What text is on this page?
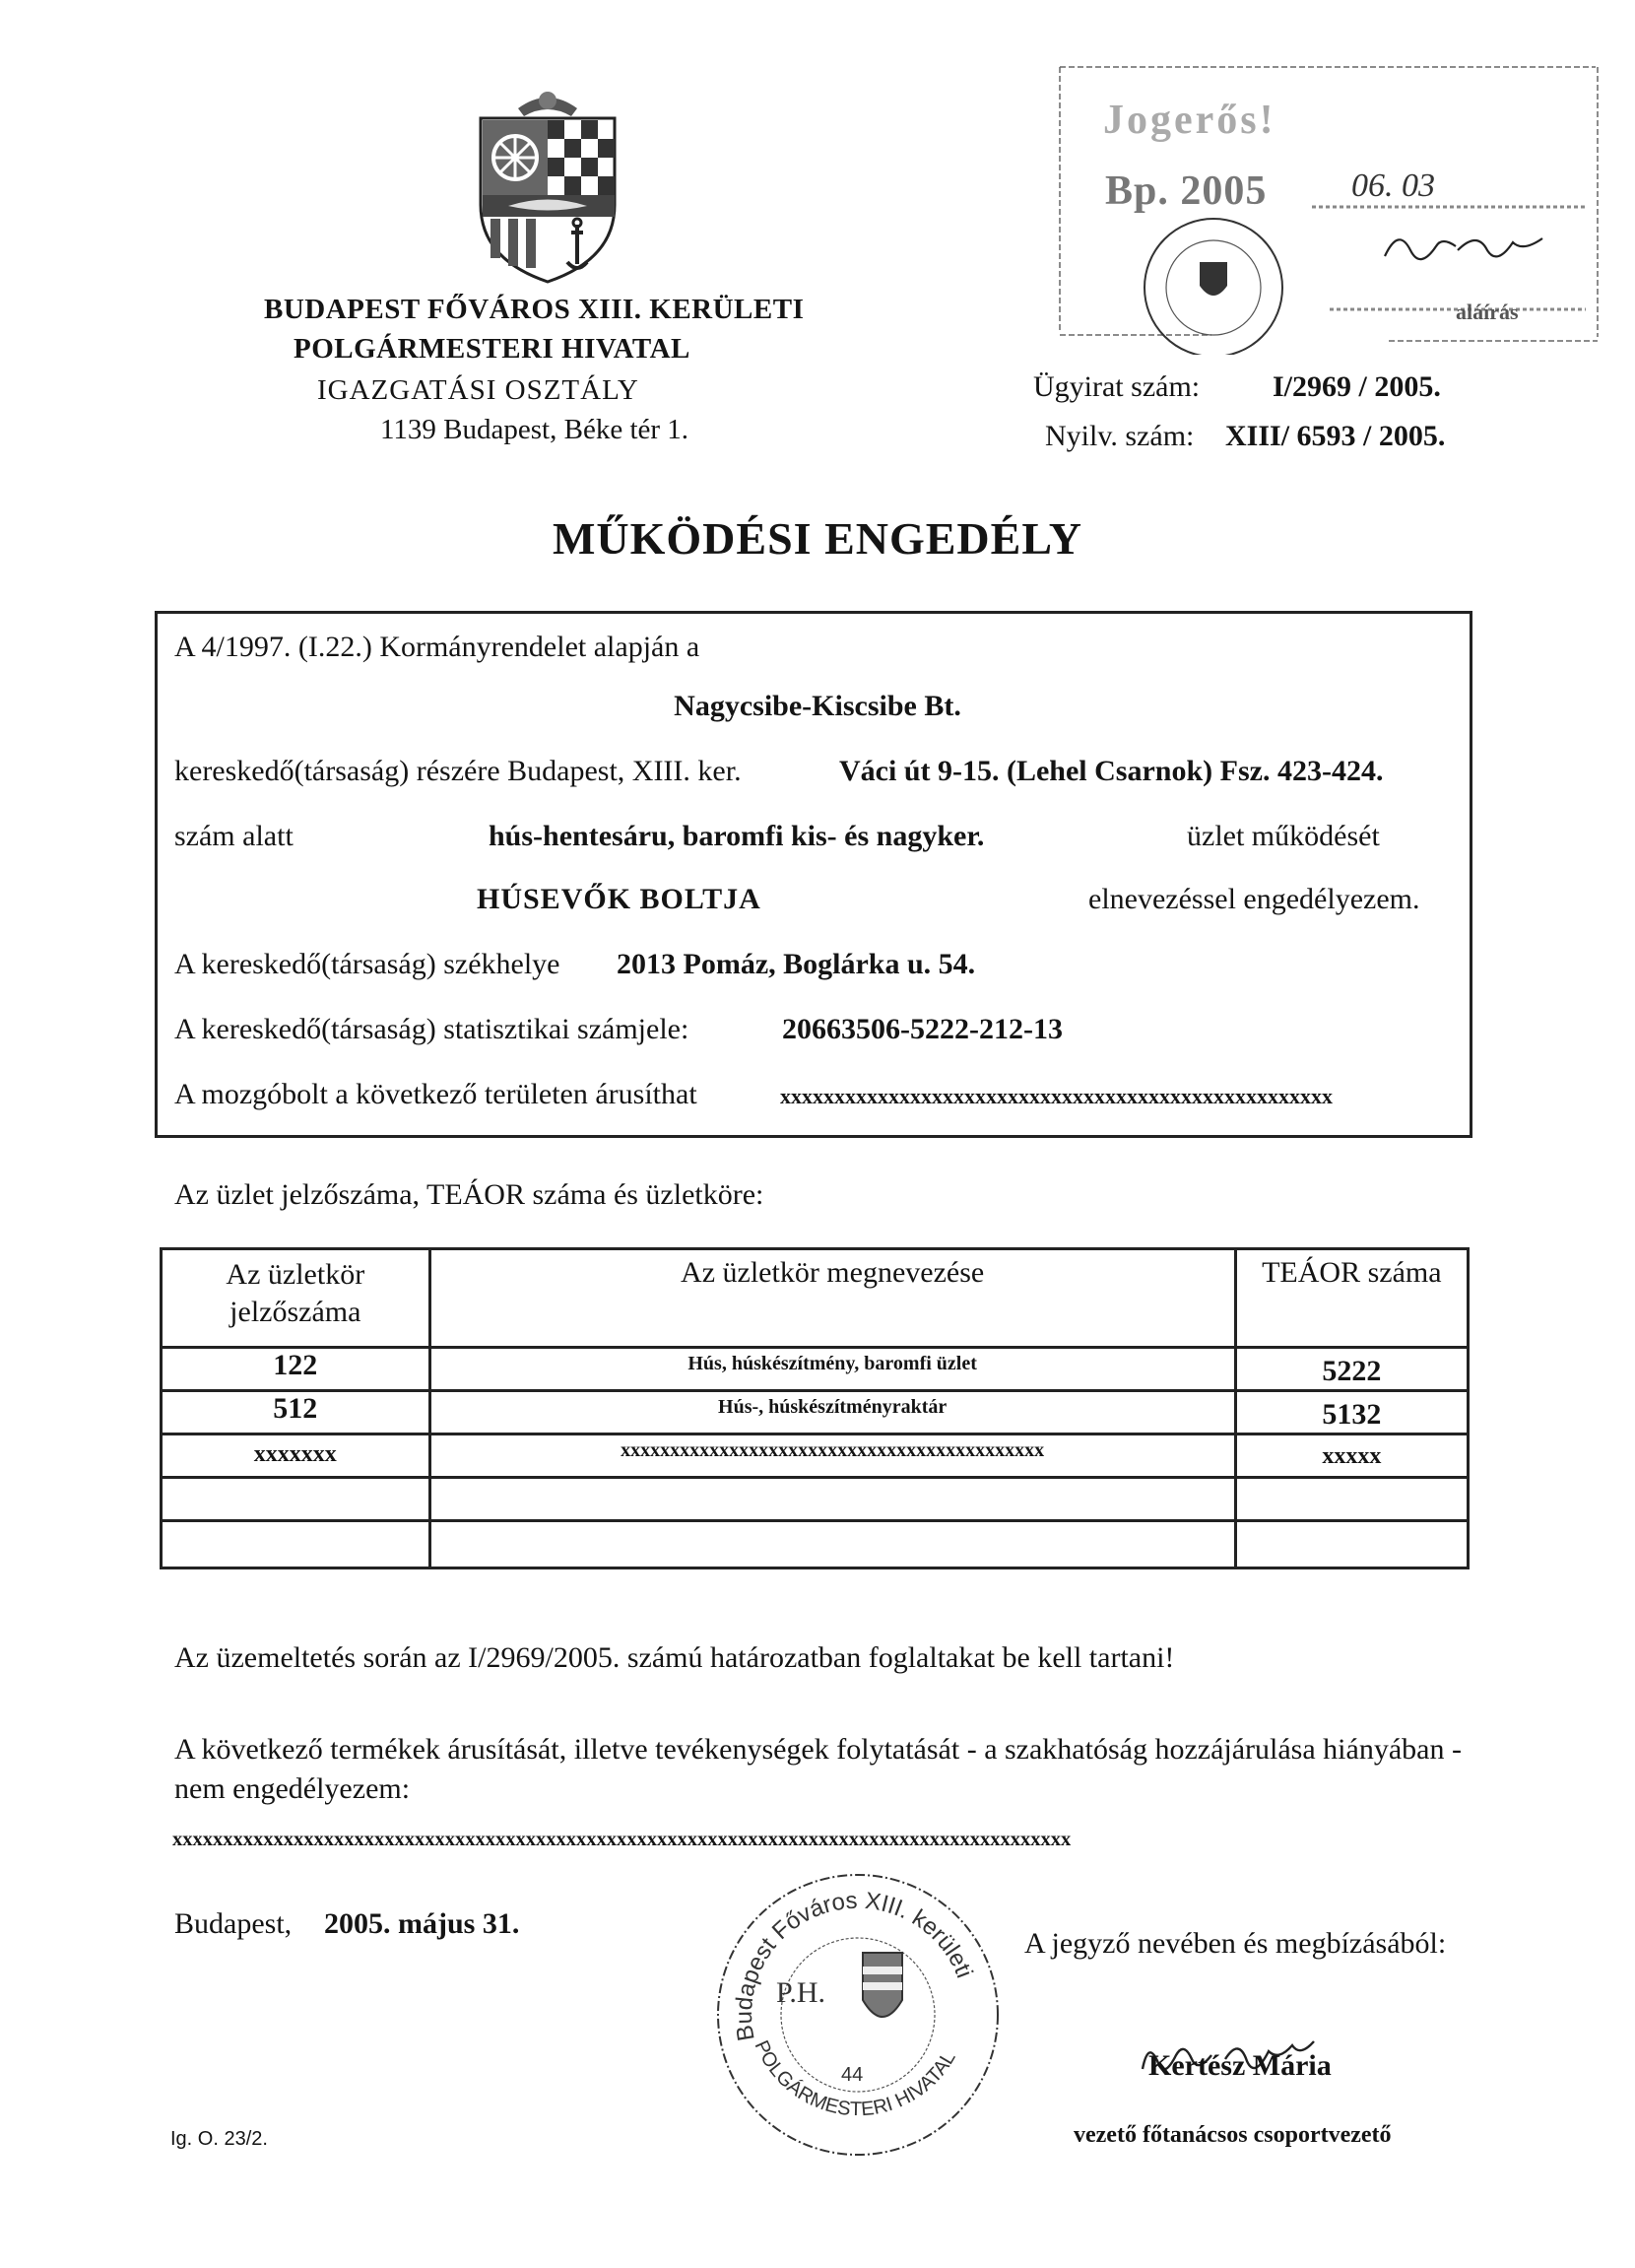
BUDAPEST FŐVÁROS XIII. KERÜLETI
POLGÁRMESTERI HIVATAL
IGAZGATÁSI OSZTÁLY
1139 Budapest, Béke tér 1.
Jogerős!
Bp. 2005	06. 03
aláírás
Ügyirat szám: I/2969 / 2005.
Nyilv. szám: XIII/ 6593 / 2005.
MŰKÖDÉSI ENGEDÉLY
A 4/1997. (I.22.) Kormányrendelet alapján a
Nagycsibe-Kiscsibe Bt.
kereskedő(társaság) részére Budapest, XIII. ker.	Váci út 9-15. (Lehel Csarnok) Fsz. 423-424.
szám alatt	hús-hentesáru, baromfi kis- és nagyker.	üzlet működését
HÚSEVŐK BOLTJA	elnevezéssel engedélyezem.
A kereskedő(társaság) székhelye 2013 Pomáz, Boglárka u. 54.
A kereskedő(társaság) statisztikai számjele:	20663506-5222-212-13
A mozgóbolt a következő területen árusíthat	xxxxxxxxxxxxxxxxxxxxxxxxxxxxxxxxxxxxxxxxxxxxxxxxxxx
Az üzlet jelzőszáma, TEÁOR száma és üzletköre:
Az üzletkör jelzőszáma	Az üzletkör megnevezése	TEÁOR száma
122	Hús, húskészítmény, baromfi üzlet	5222
512	Hús-, húskészítményraktár	5132
xxxxxxx	xxxxxxxxxxxxxxxxxxxxxxxxxxxxxxxxxxxxxxxxxxx	xxxxx

Az üzemeltetés során az I/2969/2005. számú határozatban foglaltakat be kell tartani!
A következő termékek árusítását, illetve tevékenységek folytatását - a szakhatóság hozzájárulása hiányában - nem engedélyezem:
xxxxxxxxxxxxxxxxxxxxxxxxxxxxxxxxxxxxxxxxxxxxxxxxxxxxxxxxxxxxxxxxxxxxxxxxxxxxxxxxxxxxxxxxx
Budapest, 2005. május 31.
A jegyző nevében és megbízásából:
Budapest Főváros XIII. kerületi
POLGÁRMESTERI HIVATAL
P.H.
44	Kertész Mária
vezető főtanácsos csoportvezető
Ig. O. 23/2.
